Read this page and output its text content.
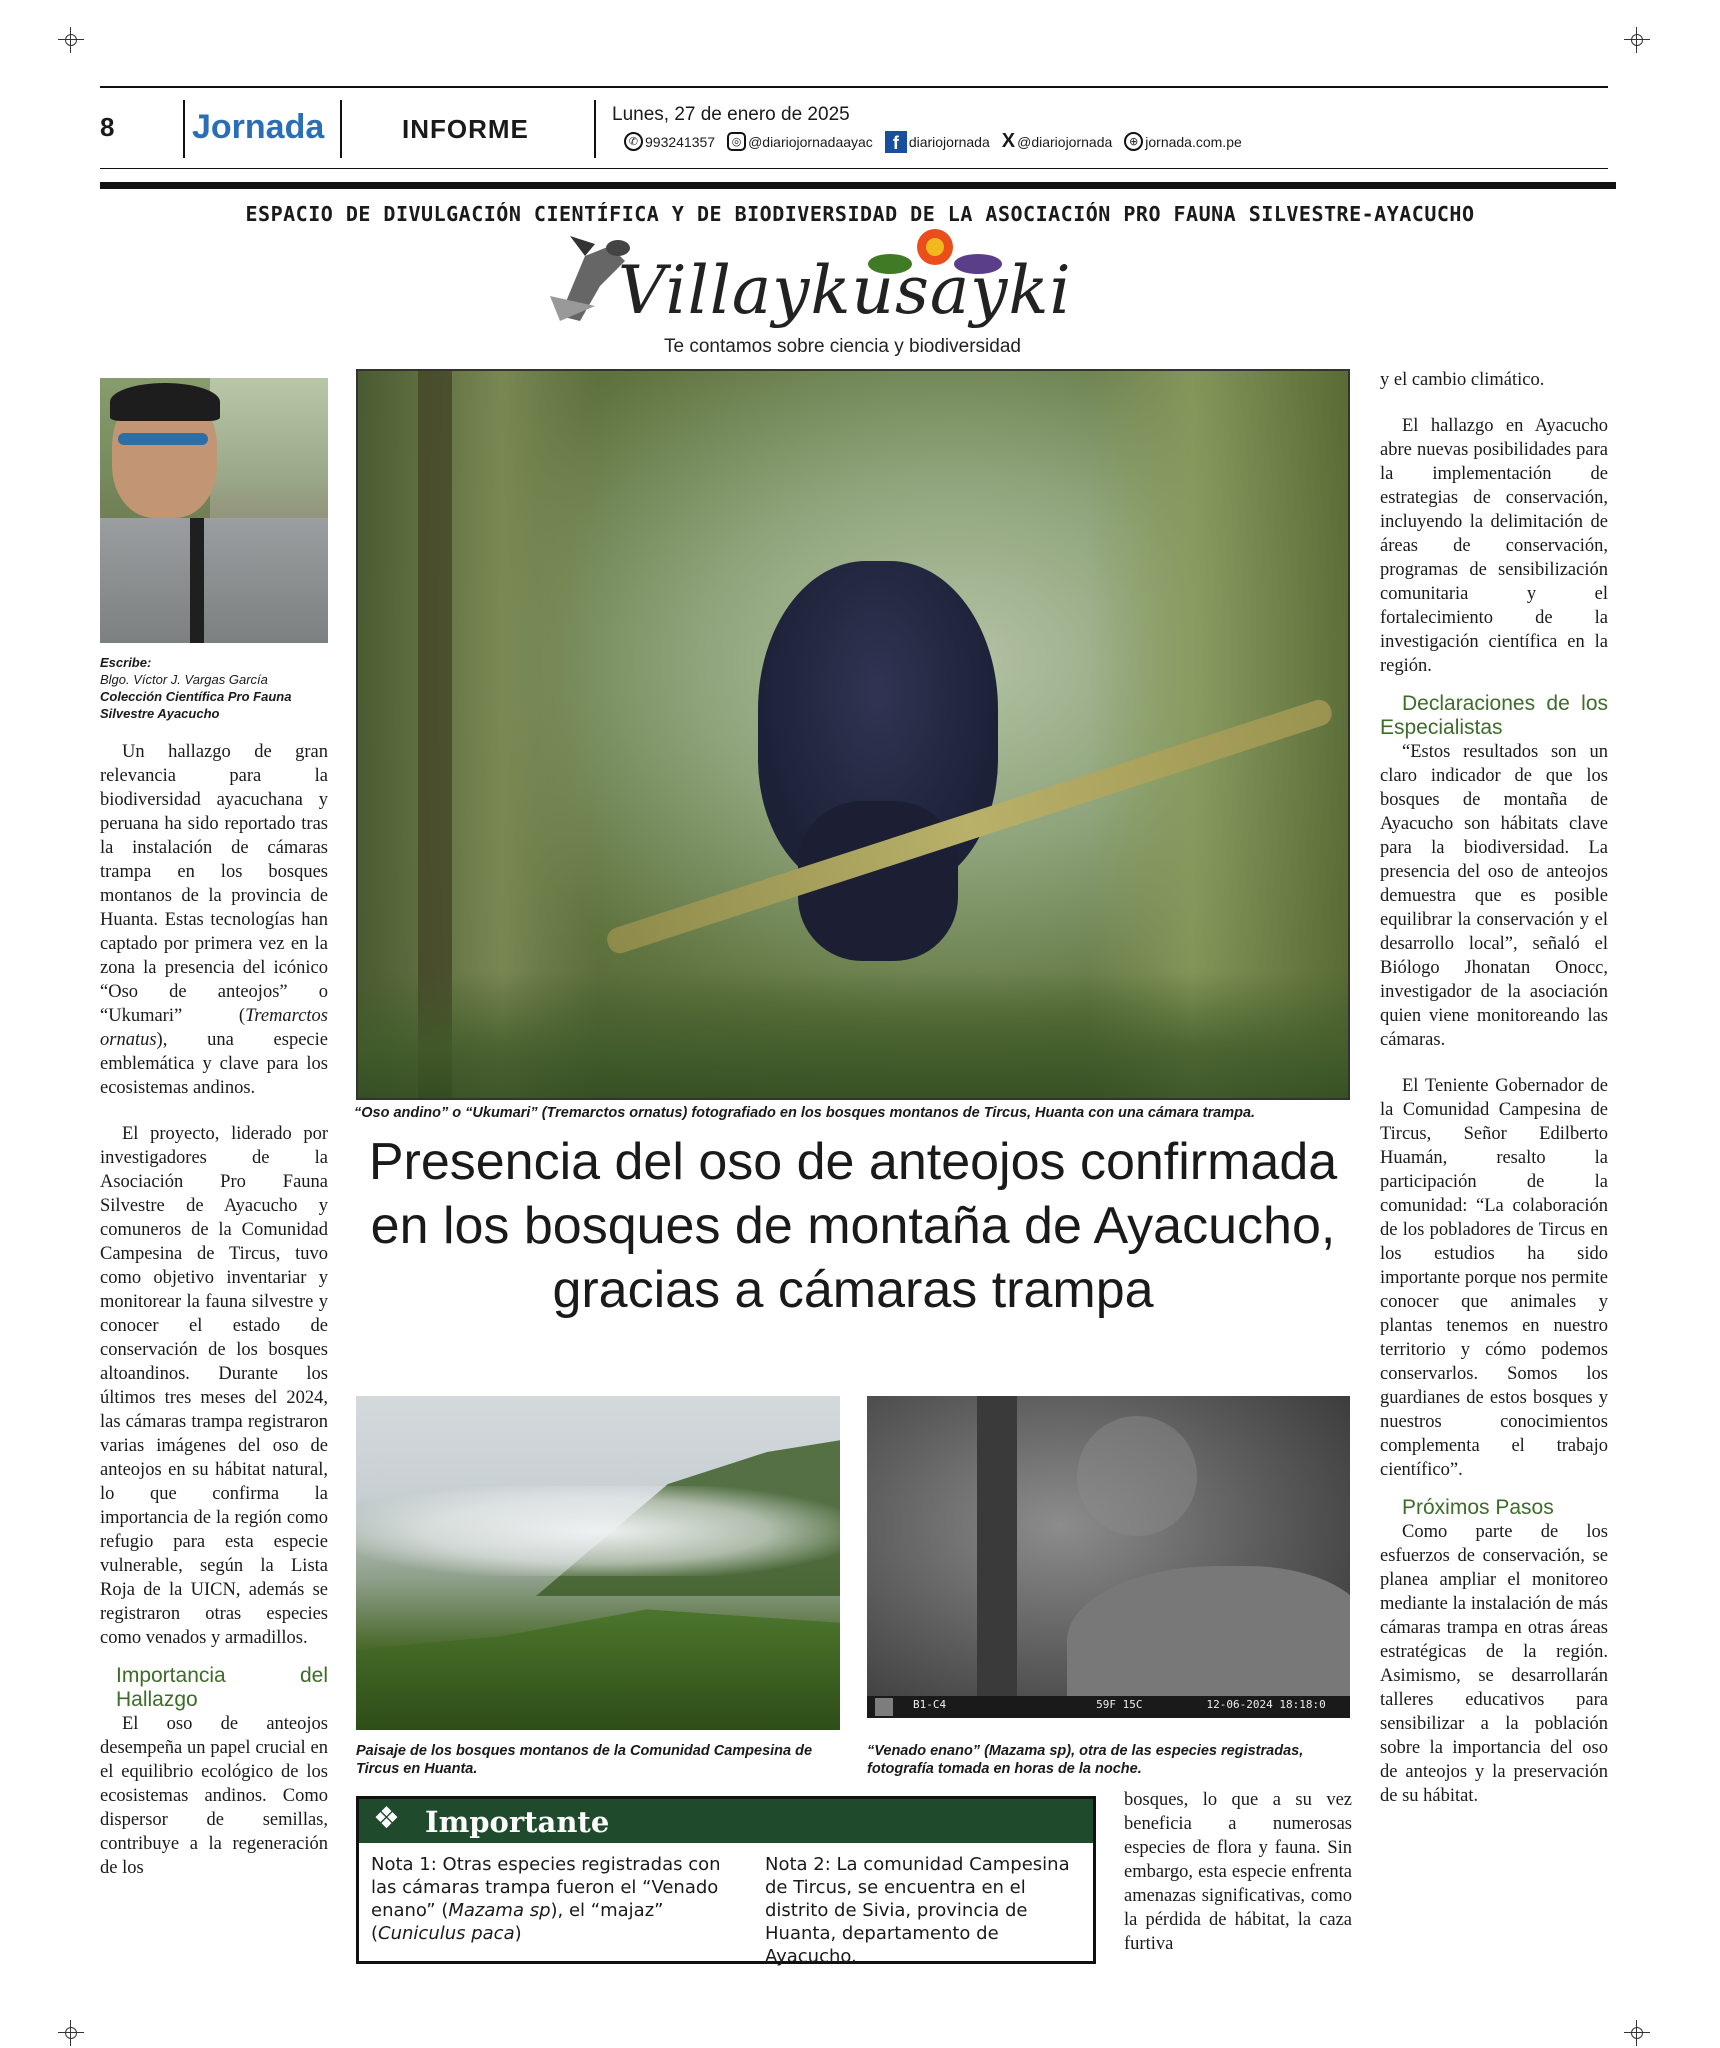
8 Jornada	INFORME	Lunes, 27 de enero de 2025
✆ 993241357	◎ @diariojornadaayac	f diariojornada X @diariojornada	⊕ jornada.com.pe
ESPACIO DE DIVULGACIÓN CIENTÍFICA Y DE BIODIVERSIDAD DE LA ASOCIACIÓN PRO FAUNA SILVESTRE-AYACUCHO
Villaykusayki
Te contamos sobre ciencia y biodiversidad
Escribe:
Blgo. Víctor J. Vargas García
Colección Científica Pro Fauna Silvestre Ayacucho

Un hallazgo de gran relevancia para la biodiversidad ayacuchana y peruana ha sido reportado tras la instalación de cámaras trampa en los bosques montanos de la provincia de Huanta. Estas tecnologías han captado por primera vez en la zona la presencia del icónico “Oso de anteojos” o “Ukumari” (Tremarctos ornatus), una especie emblemática y clave para los ecosistemas andinos.

El proyecto, liderado por investigadores de la Asociación Pro Fauna Silvestre de Ayacucho y comuneros de la Comunidad Campesina de Tircus, tuvo como objetivo inventariar y monitorear la fauna silvestre y conocer el estado de conservación de los bosques altoandinos. Durante los últimos tres meses del 2024, las cámaras trampa registraron varias imágenes del oso de anteojos en su hábitat natural, lo que confirma la importancia de la región como refugio para esta especie vulnerable, según la Lista Roja de la UICN, además se registraron otras especies como venados y armadillos.

Importancia del Hallazgo

El oso de anteojos desempeña un papel crucial en el equilibrio ecológico de los ecosistemas andinos. Como dispersor de semillas, contribuye a la regeneración de los

“Oso andino” o “Ukumari” (Tremarctos ornatus) fotografiado en los bosques montanos de Tircus, Huanta con una cámara trampa.
Presencia del oso de anteojos confirmada en los bosques de montaña de Ayacucho, gracias a cámaras trampa
Paisaje de los bosques montanos de la Comunidad Campesina de Tircus en Huanta.
B1-C4	59F 15C	12-06-2024 18:18:0
“Venado enano” (Mazama sp), otra de las especies registradas, fotografía tomada en horas de la noche.
❖ Importante
Nota 1: Otras especies registradas con las cámaras trampa fueron el “Venado enano” (Mazama sp), el “majaz” (Cuniculus paca)
Nota 2: La comunidad Campesina de Tircus, se encuentra en el distrito de Sivia, provincia de Huanta, departamento de Ayacucho.

bosques, lo que a su vez beneficia a numerosas especies de flora y fauna. Sin embargo, esta especie enfrenta amenazas significativas, como la pérdida de hábitat, la caza furtiva

y el cambio climático.

El hallazgo en Ayacucho abre nuevas posibilidades para la implementación de estrategias de conservación, incluyendo la delimitación de áreas de conservación, programas de sensibilización comunitaria y el fortalecimiento de la investigación científica en la región.

Declaraciones de los Especialistas

“Estos resultados son un claro indicador de que los bosques de montaña de Ayacucho son hábitats clave para la biodiversidad. La presencia del oso de anteojos demuestra que es posible equilibrar la conservación y el desarrollo local”, señaló el Biólogo Jhonatan Onocc, investigador de la asociación quien viene monitoreando las cámaras.

El Teniente Gobernador de la Comunidad Campesina de Tircus, Señor Edilberto Huamán, resalto la participación de la comunidad: “La colaboración de los pobladores de Tircus en los estudios ha sido importante porque nos permite conocer que animales y plantas tenemos en nuestro territorio y cómo podemos conservarlos. Somos los guardianes de estos bosques y nuestros conocimientos complementa el trabajo científico”.

Próximos Pasos

Como parte de los esfuerzos de conservación, se planea ampliar el monitoreo mediante la instalación de más cámaras trampa en otras áreas estratégicas de la región. Asimismo, se desarrollarán talleres educativos para sensibilizar a la población sobre la importancia del oso de anteojos y la preservación de su hábitat.
